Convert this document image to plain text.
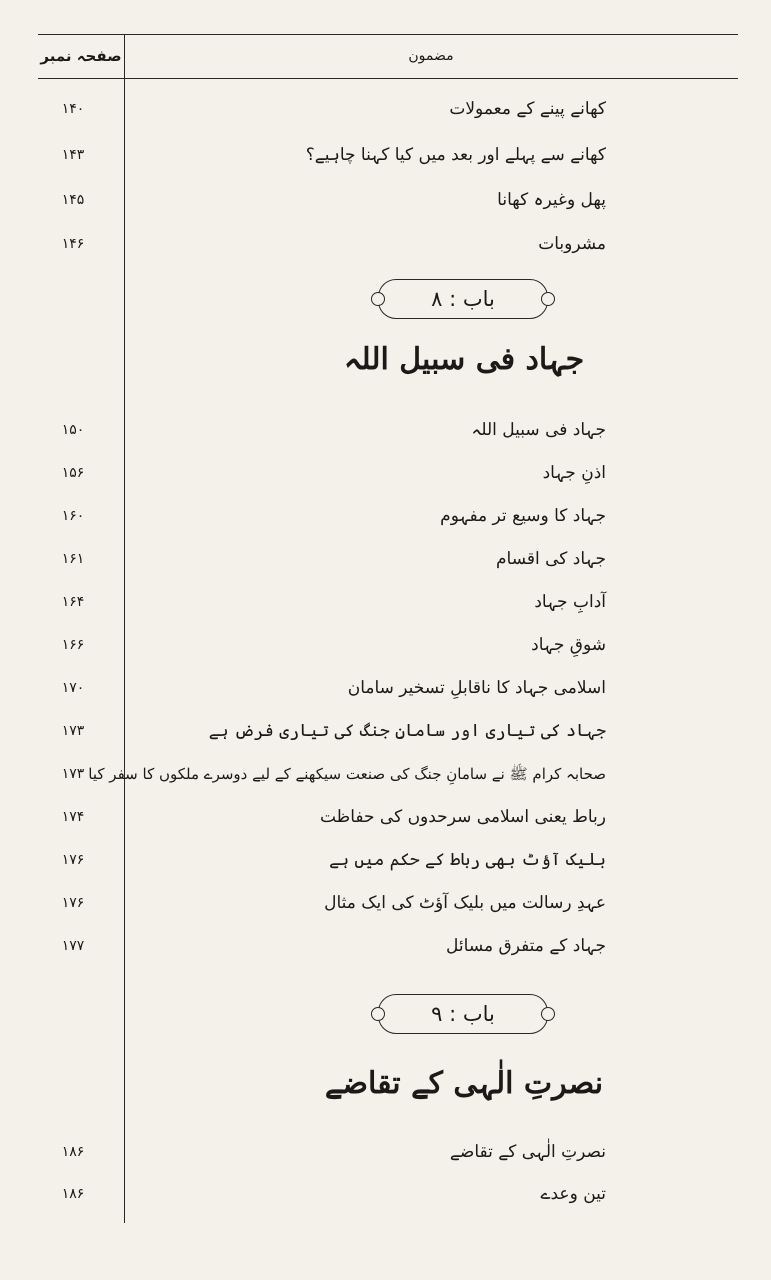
صفحہ نمبر	مضمون
۱۴۰	کھانے پینے کے معمولات
۱۴۳	کھانے سے پہلے اور بعد میں کیا کہنا چاہیے؟
۱۴۵	پھل وغیرہ کھانا
۱۴۶	مشروبات
باب : ۸
جہاد فی سبیل اللہ
۱۵۰	جہاد فی سبیل اللہ
۱۵۶	اذنِ جہاد
۱۶۰	جہاد کا وسیع تر مفہوم
۱۶۱	جہاد کی اقسام
۱۶۴	آدابِ جہاد
۱۶۶	شوقِ جہاد
۱۷۰	اسلامی جہاد کا ناقابلِ تسخیر سامان
۱۷۳	جہاد کی تیاری اور سامانِ جنگ کی تیاری فرض ہے
۱۷۳ صحابہ کرام ﷺ نے سامانِ جنگ کی صنعت سیکھنے کے لیے دوسرے ملکوں کا سفر کیا
۱۷۴	رباط یعنی اسلامی سرحدوں کی حفاظت
۱۷۶	بلیک آؤٹ بھی رباط کے حکم میں ہے
۱۷۶	عہدِ رسالت میں بلیک آؤٹ کی ایک مثال
۱۷۷	جہاد کے متفرق مسائل
باب : ۹
نصرتِ الٰہی کے تقاضے
۱۸۶	نصرتِ الٰہی کے تقاضے
۱۸۶	تین وعدے
